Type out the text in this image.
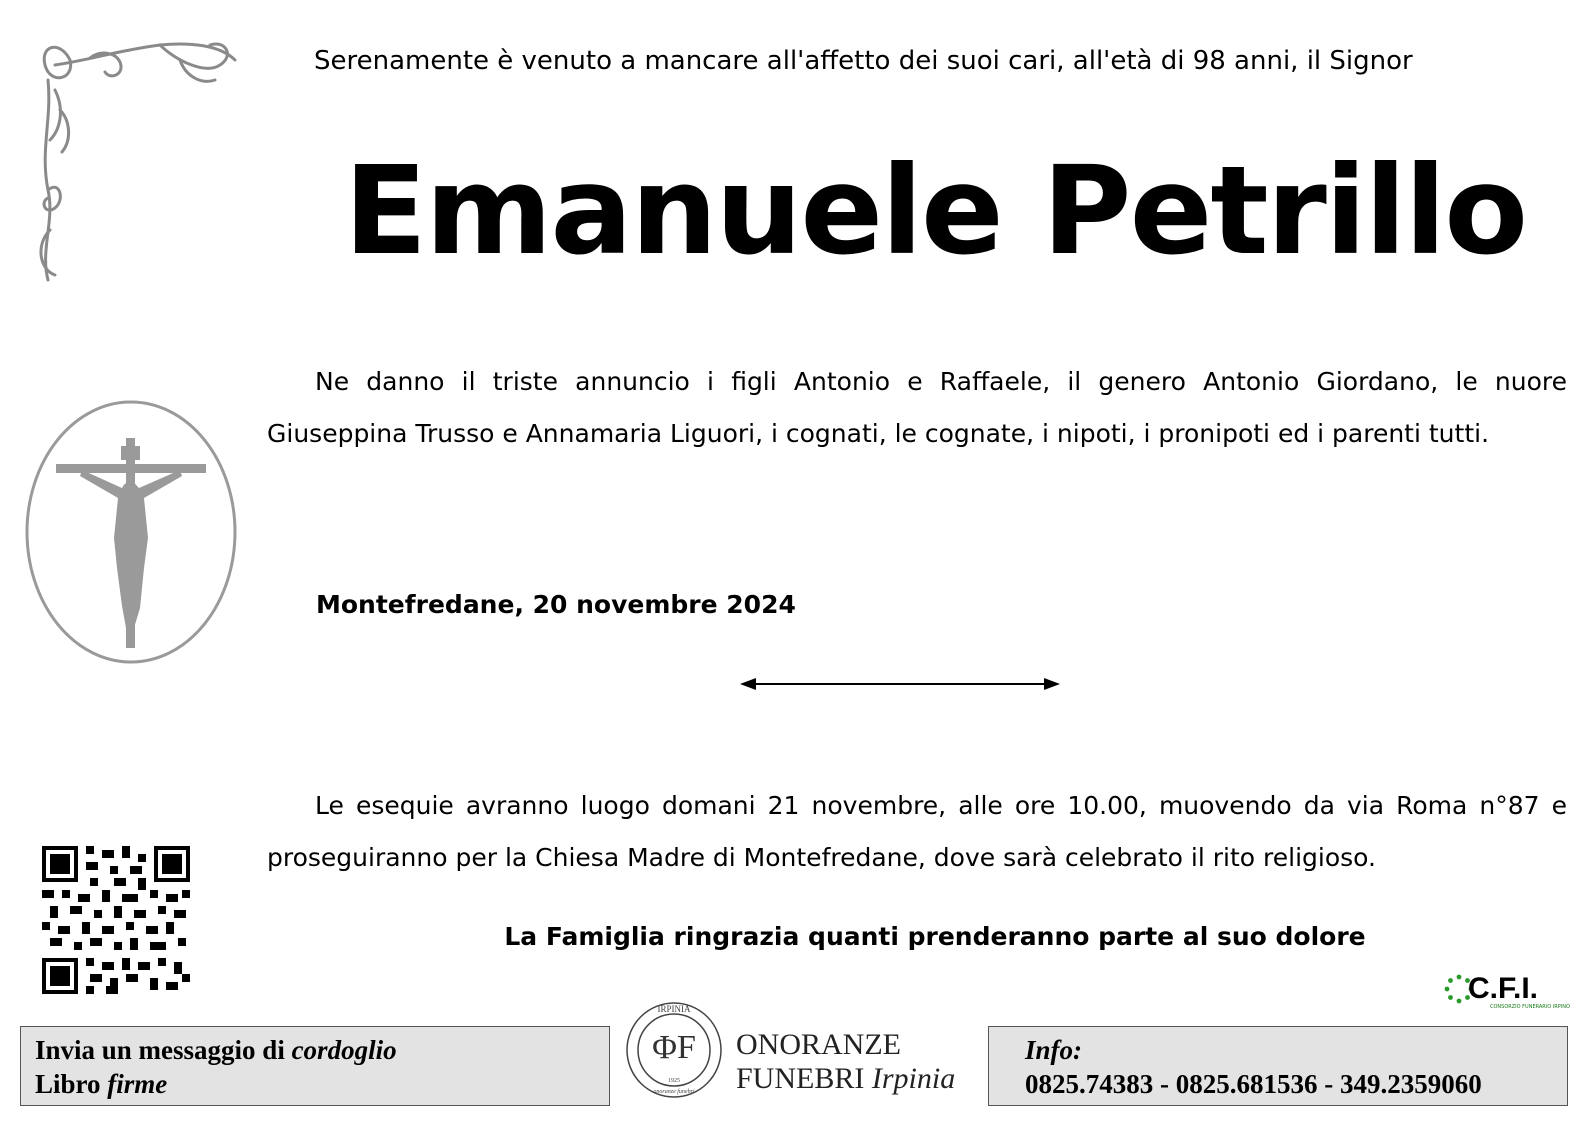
Serenamente è venuto a mancare all'affetto dei suoi cari, all'età di 98 anni, il Signor
Emanuele Petrillo
Ne danno il triste annuncio i figli Antonio e Raffaele, il genero Antonio Giordano, le nuore Giuseppina Trusso e Annamaria Liguori, i cognati, le cognate, i nipoti, i pronipoti ed i parenti tutti.
Montefredane, 20 novembre 2024
Le esequie avranno luogo domani 21 novembre, alle ore 10.00, muovendo da via Roma n°87 e proseguiranno per la Chiesa Madre di Montefredane, dove sarà celebrato il rito religioso.
La Famiglia ringrazia quanti prenderanno parte al suo dolore
C.F.I.
CONSORZIO FUNERARIO IRPINO
Invia un messaggio di cordoglio
Libro firme
IRPINIA
ΦF
1925
onoranze funebri
ONORANZE
FUNEBRI Irpinia
Info:
0825.74383 - 0825.681536 - 349.2359060
